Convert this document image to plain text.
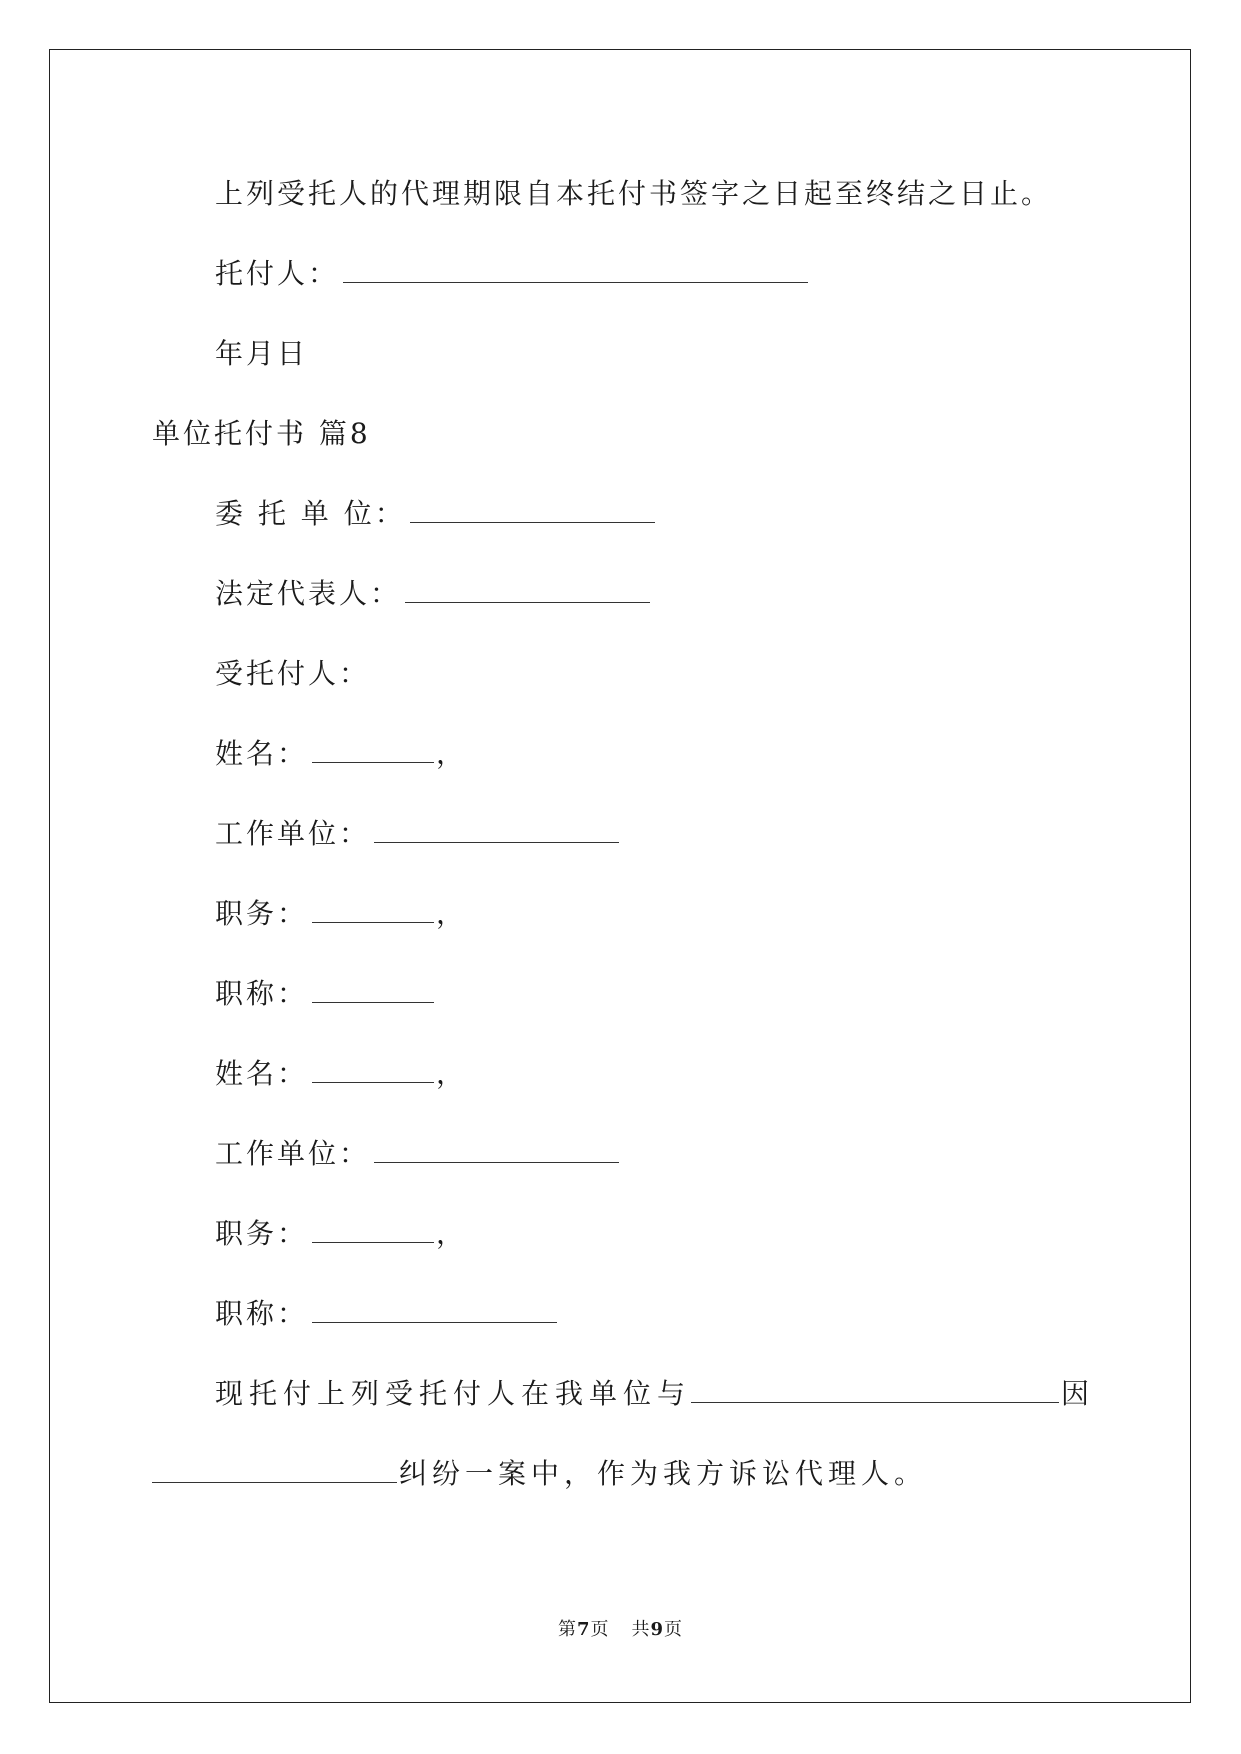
上列受托人的代理期限自本托付书签字之日起至终结之日止。
托付人：
年月日
单位托付书 篇8
委 托 单 位：
法定代表人：
受托付人：
姓名：	，
工作单位：
职务：	，
职称：
姓名：	，
工作单位：
职务：	，
职称：
现托付上列受托付人在我单位与	因
纠纷一案中，作为我方诉讼代理人。
第7页 共9页
